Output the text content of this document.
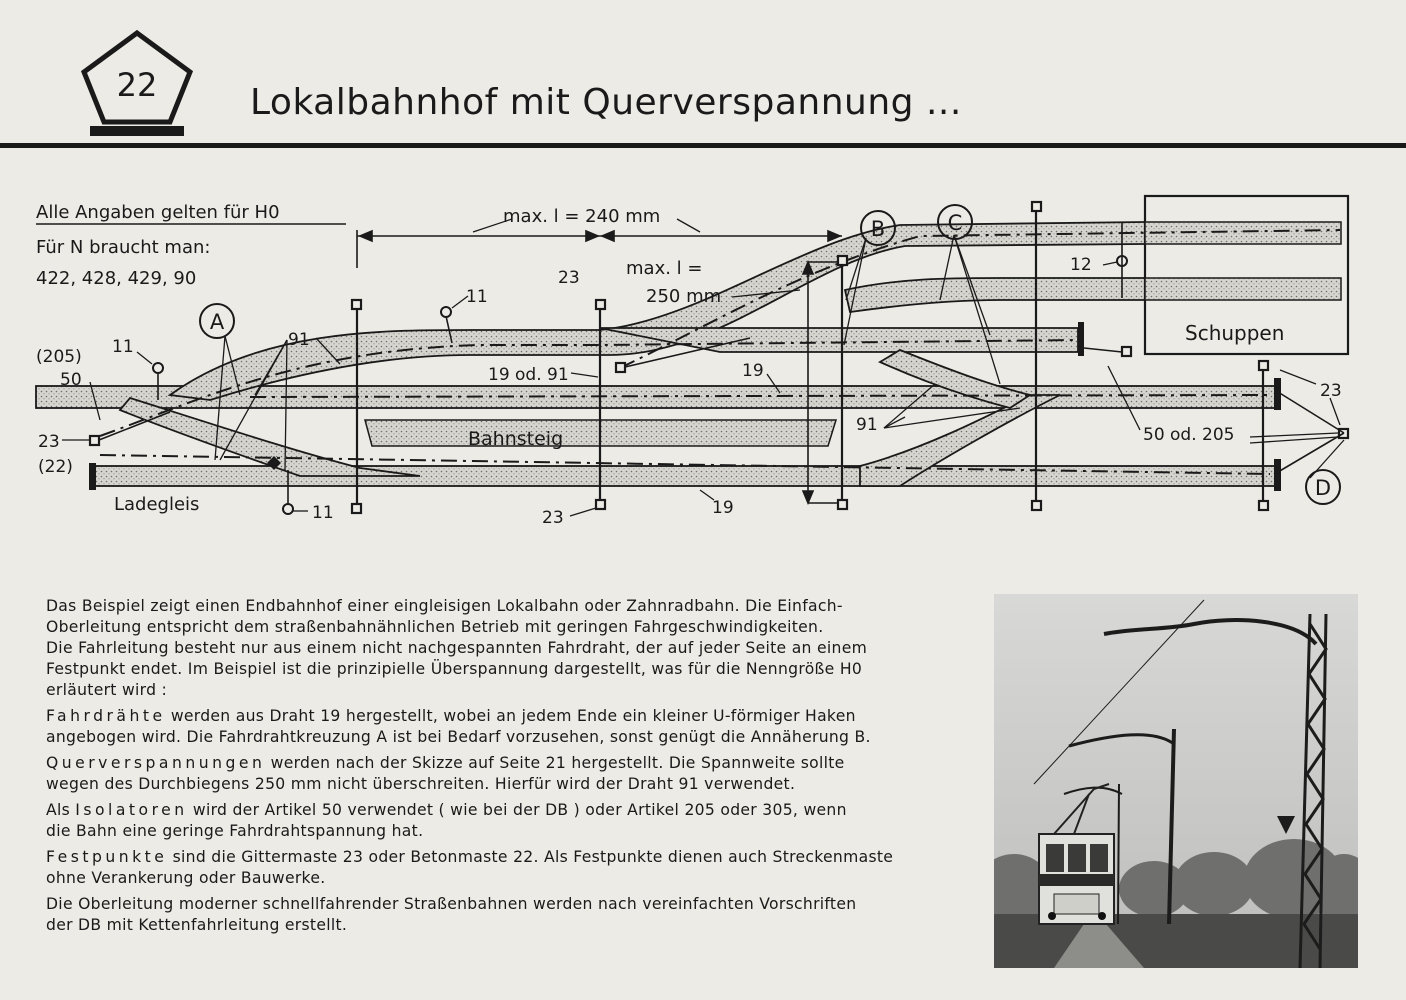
22	Lokalbahnhof mit Querverspannung ...
Schuppen
Bahnsteig
A
B	C
D
Alle Angaben gelten für H0
Für N braucht man:
422, 428, 429, 90
max. l = 240 mm
max. l =
250 mm
(205)
50
11
23
(22)
91
11
23
19 od. 91	19
12
91	50 od. 205
23
23	19
11
Ladegleis

Das Beispiel zeigt einen Endbahnhof einer eingleisigen Lokalbahn oder Zahnradbahn. Die Einfach-
Oberleitung entspricht dem straßenbahnähnlichen Betrieb mit geringen Fahrgeschwindigkeiten.
Die Fahrleitung besteht nur aus einem nicht nachgespannten Fahrdraht, der auf jeder Seite an einem
Festpunkt endet. Im Beispiel ist die prinzipielle Überspannung dargestellt, was für die Nenngröße H0
erläutert wird :

Fahrdrähte werden aus Draht 19 hergestellt, wobei an jedem Ende ein kleiner U-förmiger Haken
angebogen wird. Die Fahrdrahtkreuzung A ist bei Bedarf vorzusehen, sonst genügt die Annäherung B.

Querverspannungen werden nach der Skizze auf Seite 21 hergestellt. Die Spannweite sollte
wegen des Durchbiegens 250 mm nicht überschreiten. Hierfür wird der Draht 91 verwendet.

Als Isolatoren wird der Artikel 50 verwendet ( wie bei der DB ) oder Artikel 205 oder 305, wenn
die Bahn eine geringe Fahrdrahtspannung hat.

Festpunkte sind die Gittermaste 23 oder Betonmaste 22. Als Festpunkte dienen auch Streckenmaste
ohne Verankerung oder Bauwerke.

Die Oberleitung moderner schnellfahrender Straßenbahnen werden nach vereinfachten Vorschriften
der DB mit Kettenfahrleitung erstellt.
